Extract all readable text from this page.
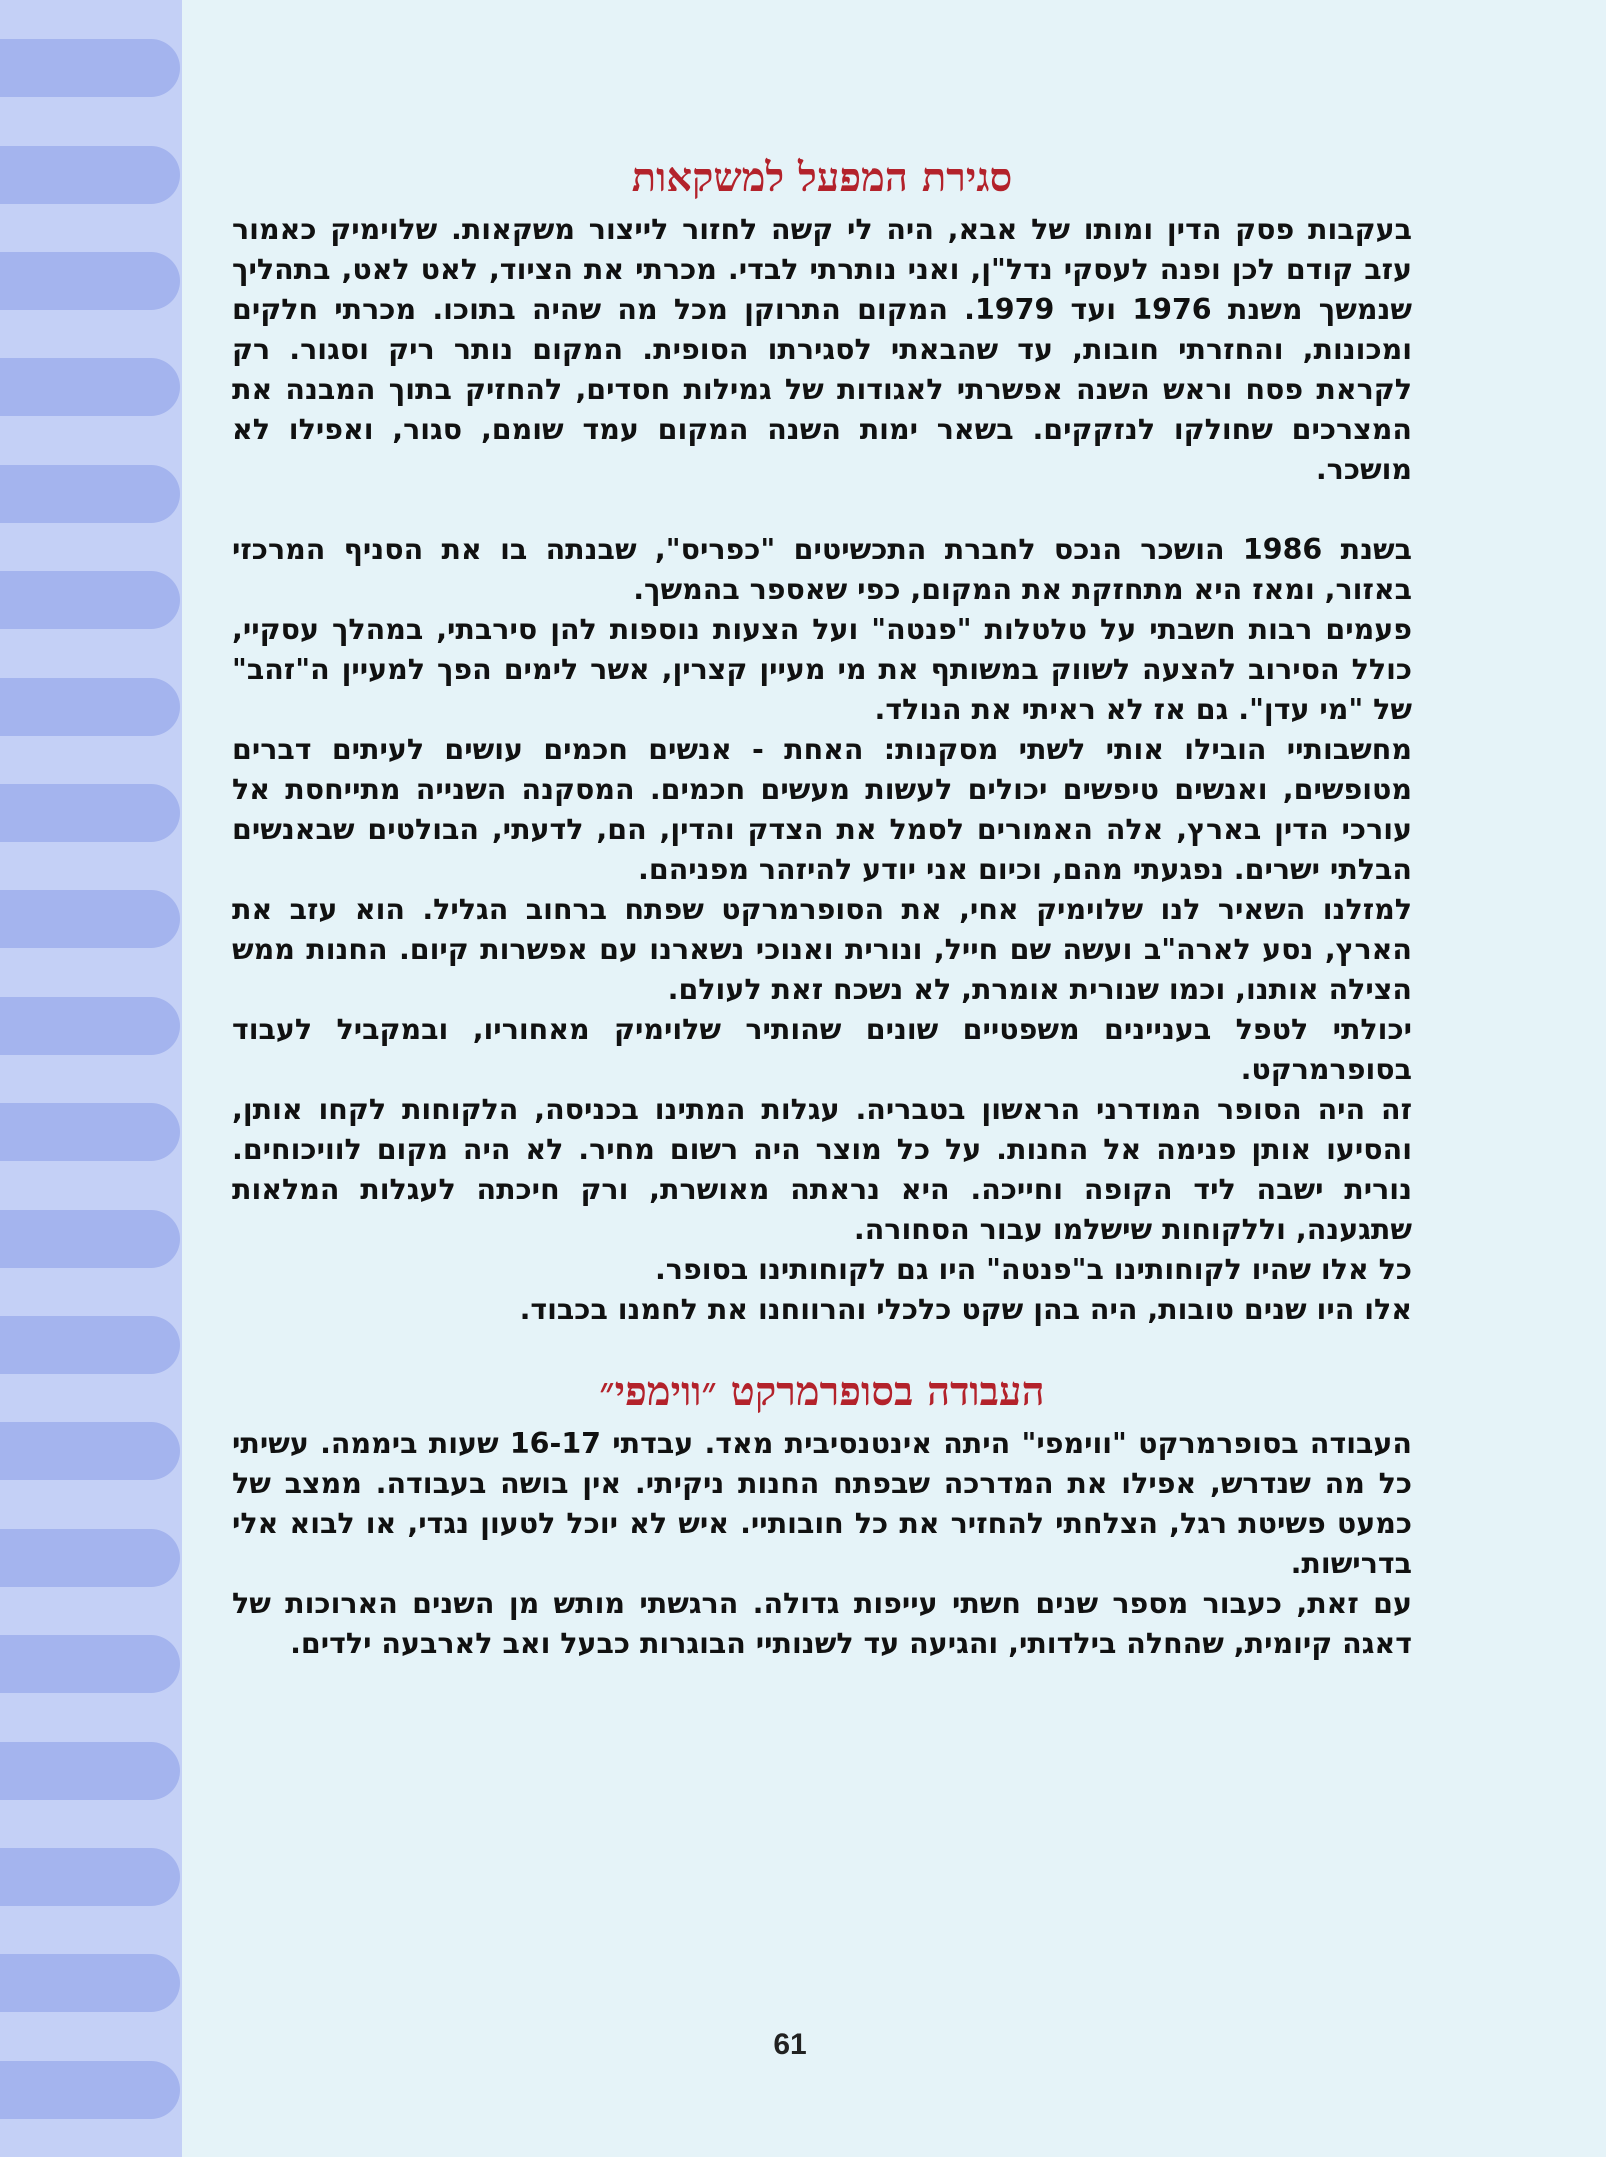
סגירת המפעל למשקאות

בעקבות פסק הדין ומותו של אבא, היה לי קשה לחזור לייצור משקאות. שלוימיק כאמור עזב קודם לכן ופנה לעסקי נדל"ן, ואני נותרתי לבדי. מכרתי את הציוד, לאט לאט, בתהליך שנמשך משנת 1976 ועד 1979. המקום התרוקן מכל מה שהיה בתוכו. מכרתי חלקים ומכונות, והחזרתי חובות, עד שהבאתי לסגירתו הסופית. המקום נותר ריק וסגור. רק לקראת פסח וראש השנה אפשרתי לאגודות של גמילות חסדים, להחזיק בתוך המבנה את המצרכים שחולקו לנזקקים. בשאר ימות השנה המקום עמד שומם, סגור, ואפילו לא מושכר.

בשנת 1986 הושכר הנכס לחברת התכשיטים "כפריס", שבנתה בו את הסניף המרכזי באזור, ומאז היא מתחזקת את המקום, כפי שאספר בהמשך.

פעמים רבות חשבתי על טלטלות "פנטה" ועל הצעות נוספות להן סירבתי, במהלך עסקיי, כולל הסירוב להצעה לשווק במשותף את מי מעיין קצרין, אשר לימים הפך למעיין ה"זהב" של "מי עדן". גם אז לא ראיתי את הנולד.

מחשבותיי הובילו אותי לשתי מסקנות: האחת - אנשים חכמים עושים לעיתים דברים מטופשים, ואנשים טיפשים יכולים לעשות מעשים חכמים. המסקנה השנייה מתייחסת אל עורכי הדין בארץ, אלה האמורים לסמל את הצדק והדין, הם, לדעתי, הבולטים שבאנשים הבלתי ישרים. נפגעתי מהם, וכיום אני יודע להיזהר מפניהם.

למזלנו השאיר לנו שלוימיק אחי, את הסופרמרקט שפתח ברחוב הגליל. הוא עזב את הארץ, נסע לארה"ב ועשה שם חייל, ונורית ואנוכי נשארנו עם אפשרות קיום. החנות ממש הצילה אותנו, וכמו שנורית אומרת, לא נשכח זאת לעולם.

יכולתי לטפל בעניינים משפטיים שונים שהותיר שלוימיק מאחוריו, ובמקביל לעבוד בסופרמרקט.

זה היה הסופר המודרני הראשון בטבריה. עגלות המתינו בכניסה, הלקוחות לקחו אותן, והסיעו אותן פנימה אל החנות. על כל מוצר היה רשום מחיר. לא היה מקום לוויכוחים. נורית ישבה ליד הקופה וחייכה. היא נראתה מאושרת, ורק חיכתה לעגלות המלאות שתגענה, וללקוחות שישלמו עבור הסחורה.

כל אלו שהיו לקוחותינו ב"פנטה" היו גם לקוחותינו בסופר.

אלו היו שנים טובות, היה בהן שקט כלכלי והרווחנו את לחמנו בכבוד.

העבודה בסופרמרקט ״ווימפי״

העבודה בסופרמרקט "ווימפי" היתה אינטנסיבית מאד. עבדתי 16-17 שעות ביממה. עשיתי כל מה שנדרש, אפילו את המדרכה שבפתח החנות ניקיתי. אין בושה בעבודה. ממצב של כמעט פשיטת רגל, הצלחתי להחזיר את כל חובותיי. איש לא יוכל לטעון נגדי, או לבוא אלי בדרישות.

עם זאת, כעבור מספר שנים חשתי עייפות גדולה. הרגשתי מותש מן השנים הארוכות של דאגה קיומית, שהחלה בילדותי, והגיעה עד לשנותיי הבוגרות כבעל ואב לארבעה ילדים.

61
